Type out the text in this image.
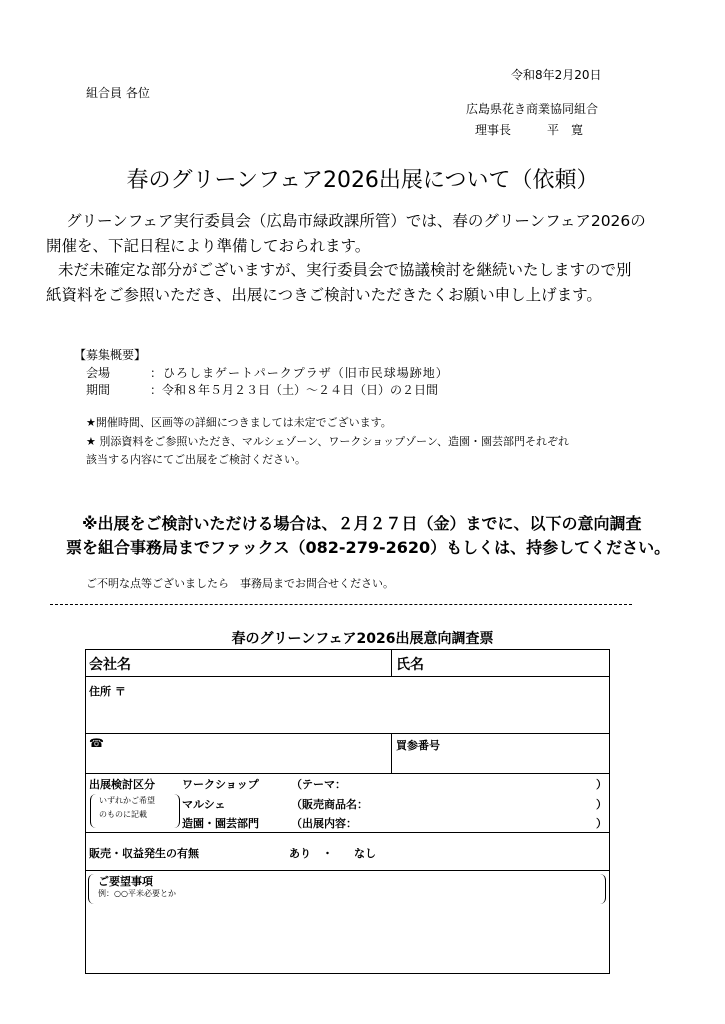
令和8年2月20日
組合員 各位
広島県花き商業協同組合
理事長	平　寛
春のグリーンフェア2026出展について（依頼）
グリーンフェア実行委員会（広島市緑政課所管）では、春のグリーンフェア2026の開催を、下記日程により準備しておられます。
未だ未確定な部分がございますが、実行委員会で協議検討を継続いたしますので別紙資料をご参照いただき、出展につきご検討いただきたくお願い申し上げます。
【募集概要】
会場	：ひろしまゲートパークプラザ（旧市民球場跡地）
期間	：令和８年５月２３日（土）～２４日（日）の２日間
★開催時間、区画等の詳細につきましては未定でございます。
★ 別添資料をご参照いただき、マルシェゾーン、ワークショップゾーン、造園・園芸部門それぞれ
該当する内容にてご出展をご検討ください。
※出展をご検討いただける場合は、２月２７日（金）までに、以下の意向調査
票を組合事務局までファックス（082-279-2620）もしくは、持参してください。
ご不明な点等ございましたら　事務局までお問合せください。
春のグリーンフェア2026出展意向調査票
会社名	氏名
住所 〒
☎	買参番号
出展検討区分 ワークショップ	（テーマ：	）
いずれかご希望
のものに記載
マルシェ	（販売商品名：	）
造園・園芸部門	（出展内容：	）
販売・収益発生の有無	あり ・ なし
ご要望事項
例：○○平米必要とか
